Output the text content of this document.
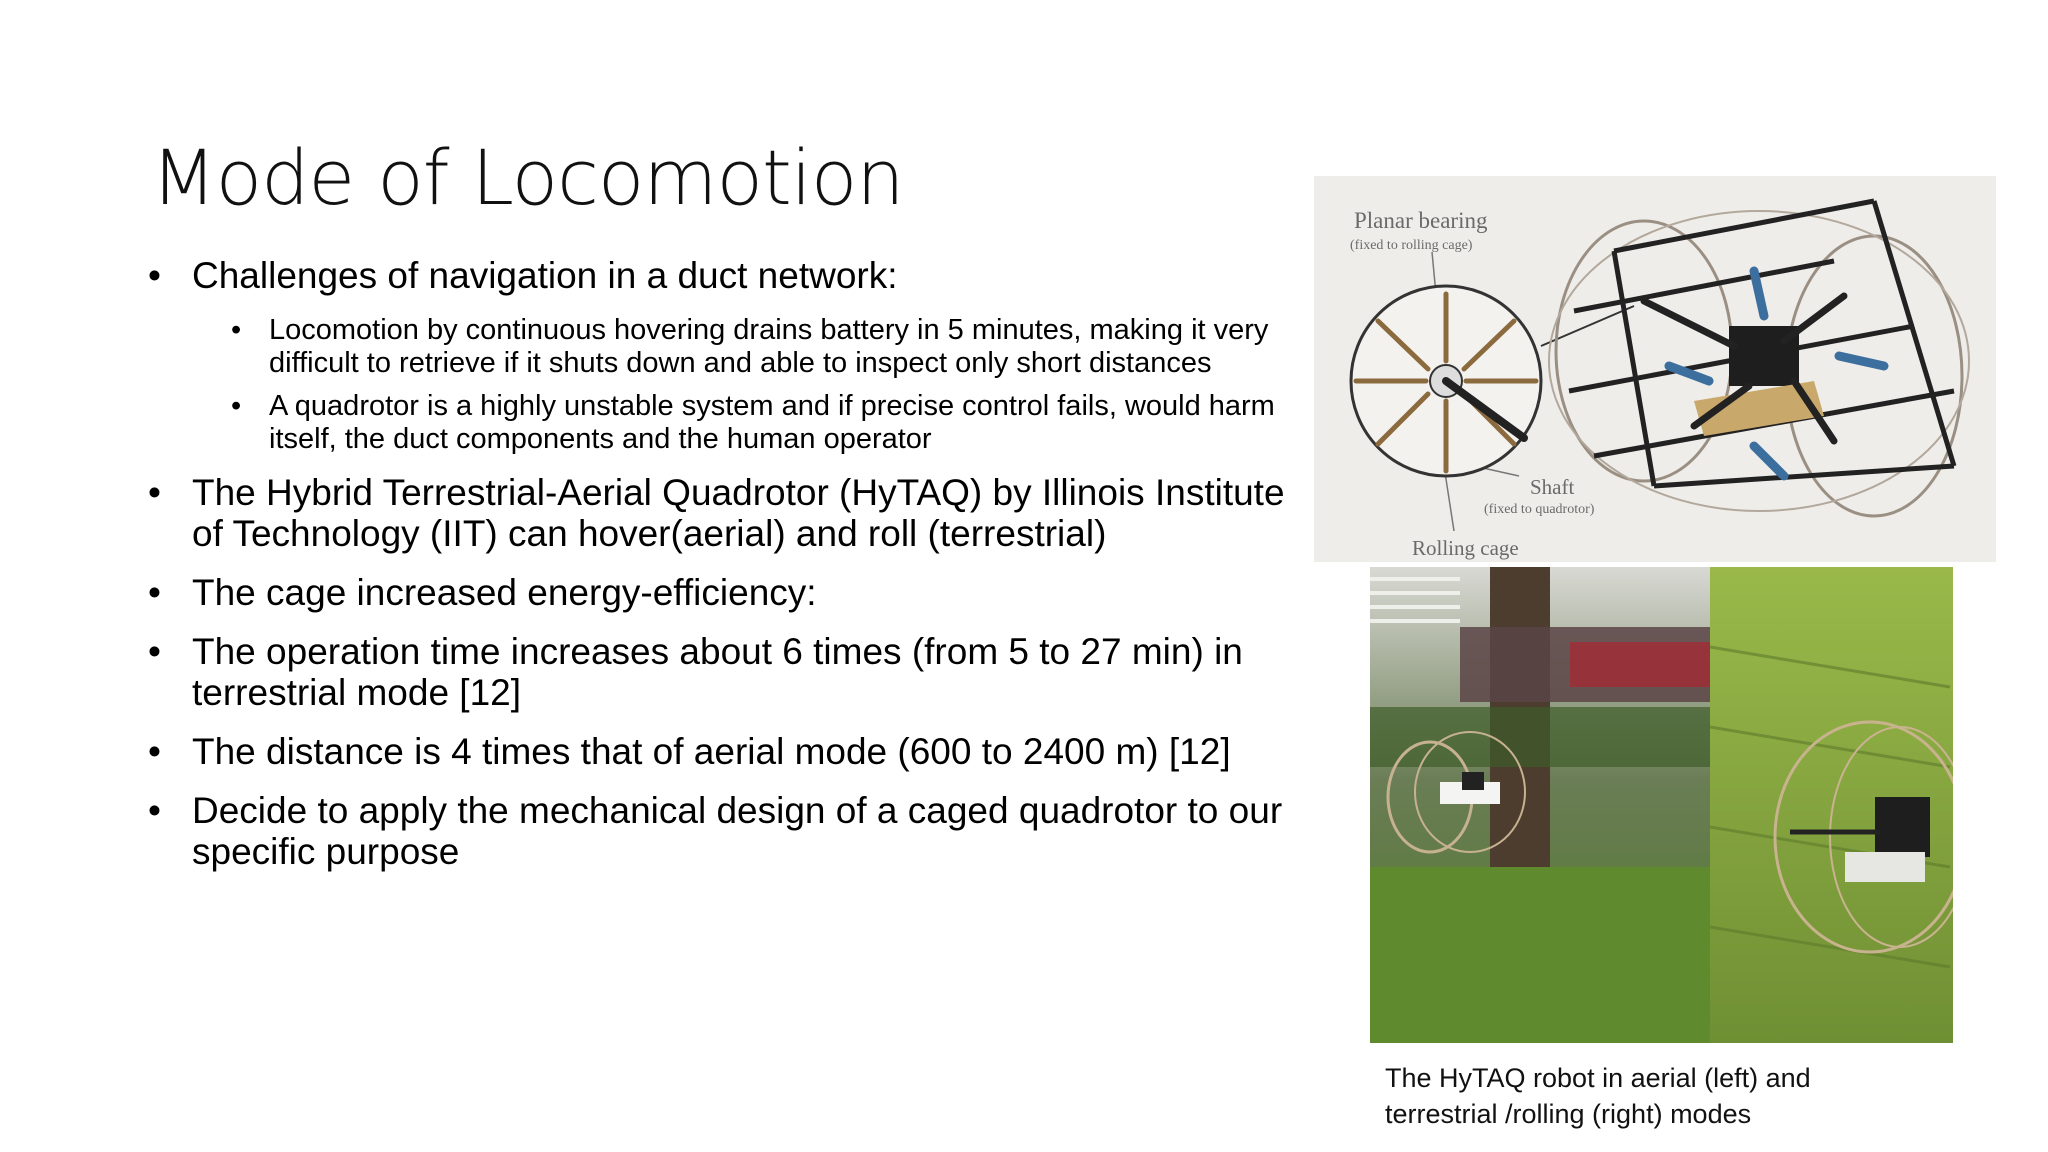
Mode of Locomotion
• Challenges of navigation in a duct network:
• Locomotion by continuous hovering drains battery in 5 minutes, making it very difficult to retrieve if it shuts down and able to inspect only short distances
• A quadrotor is a highly unstable system and if precise control fails, would harm itself, the duct components and the human operator
• The Hybrid Terrestrial-Aerial Quadrotor (HyTAQ) by Illinois Institute of Technology (IIT) can hover(aerial) and roll (terrestrial)
• The cage increased energy-efficiency:
• The operation time increases about 6 times (from 5 to 27 min) in terrestrial mode [12]
• The distance is 4 times that of aerial mode (600 to 2400 m) [12]
• Decide to apply the mechanical design of a caged quadrotor to our specific purpose
Planar bearing
(fixed to rolling cage)
Shaft
(fixed to quadrotor)
Rolling cage
The HyTAQ robot in aerial (left) and
terrestrial /rolling (right) modes
